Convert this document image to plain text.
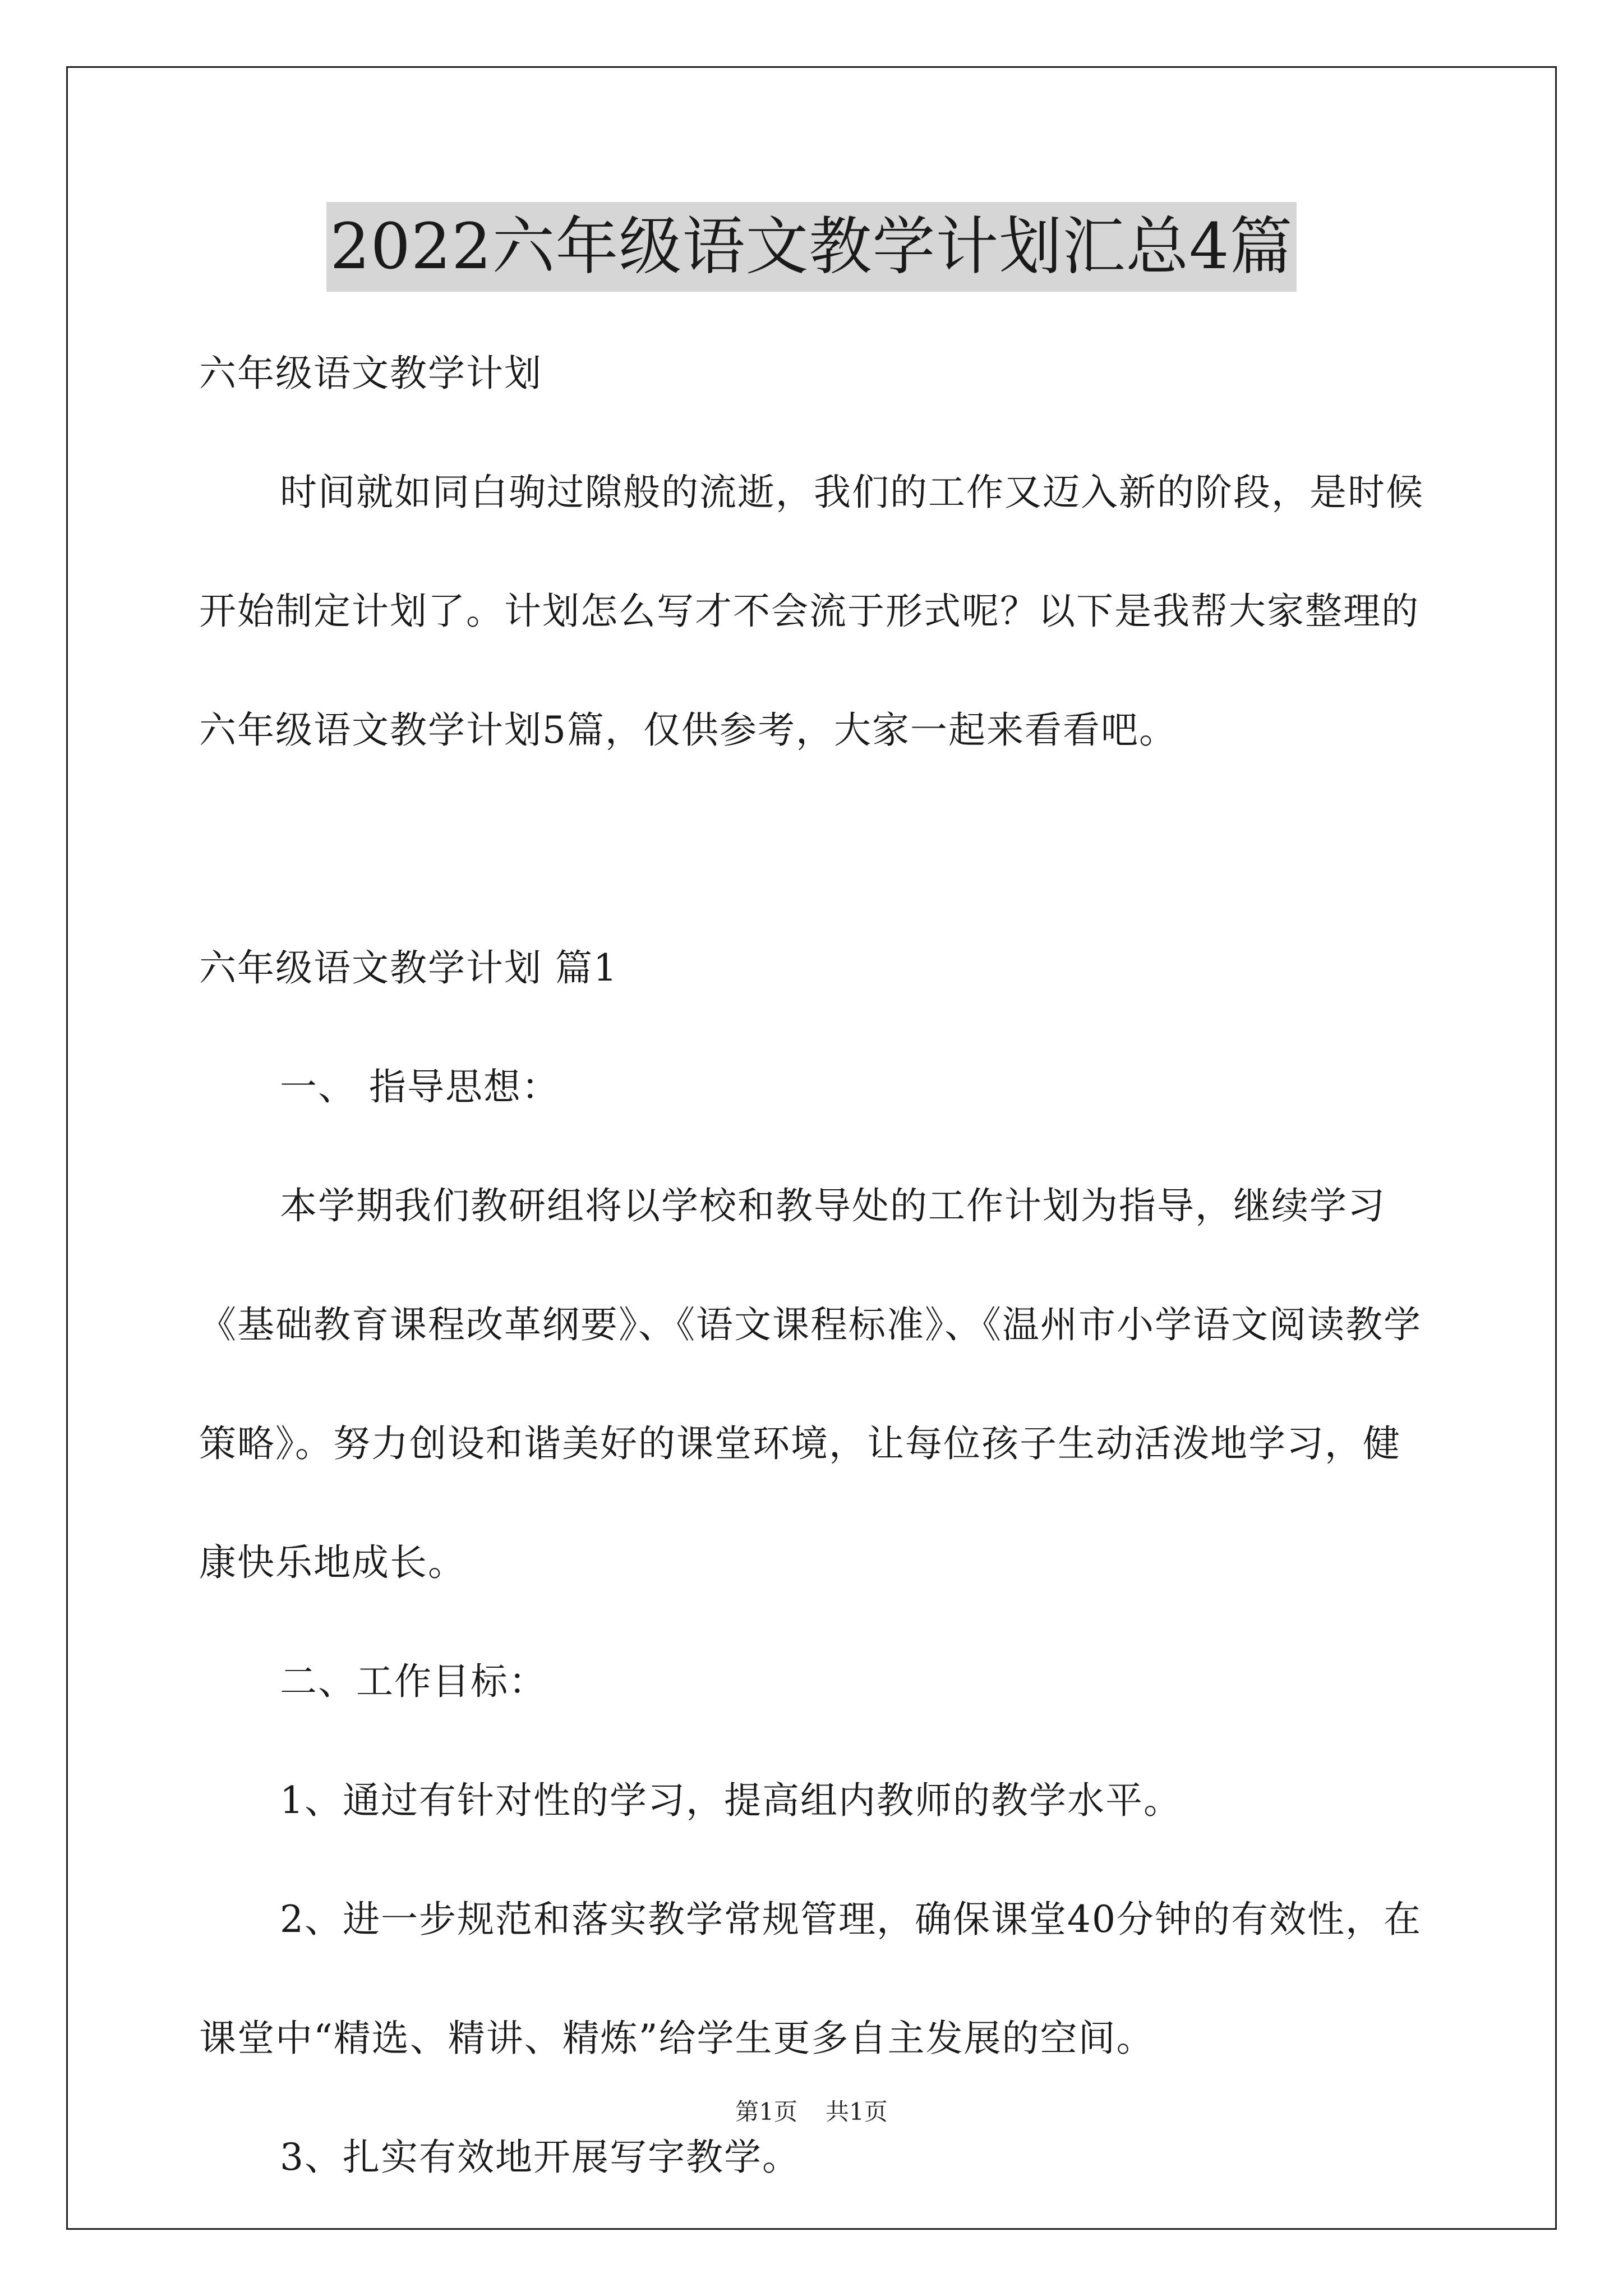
2022六年级语文教学计划汇总4篇

六年级语文教学计划

时间就如同白驹过隙般的流逝，我们的工作又迈入新的阶段，是时候开始制定计划了。计划怎么写才不会流于形式呢？以下是我帮大家整理的六年级语文教学计划5篇，仅供参考，大家一起来看看吧。

六年级语文教学计划 篇1

一、 指导思想：

本学期我们教研组将以学校和教导处的工作计划为指导，继续学习《基础教育课程改革纲要》、《语文课程标准》、《温州市小学语文阅读教学策略》。努力创设和谐美好的课堂环境，让每位孩子生动活泼地学习，健康快乐地成长。

二、工作目标：

1、通过有针对性的学习，提高组内教师的教学水平。

2、进一步规范和落实教学常规管理，确保课堂40分钟的有效性，在课堂中“精选、精讲、精炼”给学生更多自主发展的空间。

3、扎实有效地开展写字教学。

第1页 共1页
